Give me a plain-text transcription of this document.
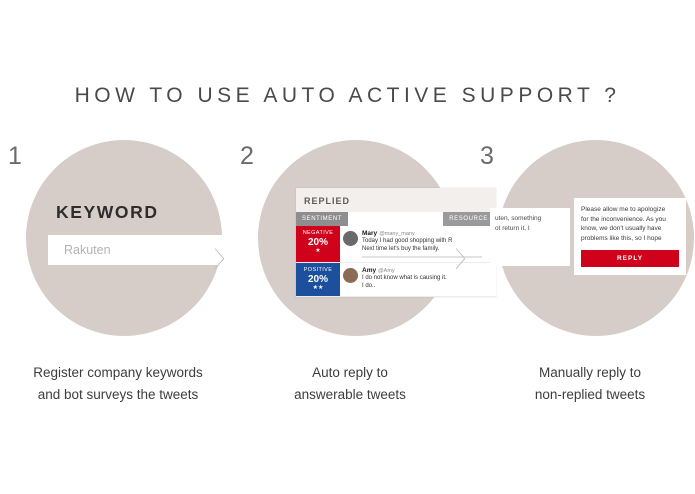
HOW TO USE AUTO ACTIVE SUPPORT ?
1
KEYWORD
Rakuten
Register company keywords
and bot surveys the tweets
〉
2
REPLIED
SENTIMENT	RESOURCE
NEGATIVE
20%
★
Mary @many_many
Today I had good shopping with R
Next time let's buy the family.
POSITIVE
20%
★★
Amy @Amy
I do not know what is causing it.
I do..
Auto reply to
answerable tweets
〉
3
uten, something
ot return it, I
Please allow me to apologize
for the inconvenience. As you
know, we don't usually have
problems like this, so I hope
REPLY
Manually reply to
non-replied tweets
